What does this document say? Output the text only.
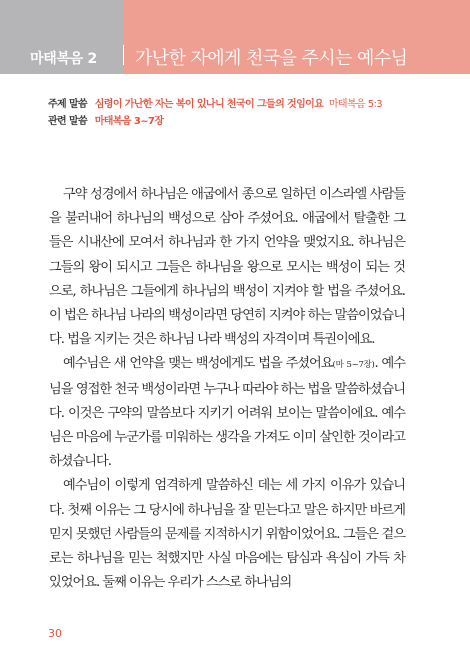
마태복음 2 가난한 자에게 천국을 주시는 예수님
주제 말씀 심령이 가난한 자는 복이 있나니 천국이 그들의 것임이요 마태복음 5:3
관련 말씀 마태복음 3~7장

구약 성경에서 하나님은 애굽에서 종으로 일하던 이스라엘 사람들을 불러내어 하나님의 백성으로 삼아 주셨어요. 애굽에서 탈출한 그들은 시내산에 모여서 하나님과 한 가지 언약을 맺었지요. 하나님은 그들의 왕이 되시고 그들은 하나님을 왕으로 모시는 백성이 되는 것으로, 하나님은 그들에게 하나님의 백성이 지켜야 할 법을 주셨어요. 이 법은 하나님 나라의 백성이라면 당연히 지켜야 하는 말씀이었습니다. 법을 지키는 것은 하나님 나라 백성의 자격이며 특권이에요.

예수님은 새 언약을 맺는 백성에게도 법을 주셨어요(마 5~7장). 예수님을 영접한 천국 백성이라면 누구나 따라야 하는 법을 말씀하셨습니다. 이것은 구약의 말씀보다 지키기 어려워 보이는 말씀이에요. 예수님은 마음에 누군가를 미워하는 생각을 가져도 이미 살인한 것이라고 하셨습니다.

예수님이 이렇게 엄격하게 말씀하신 데는 세 가지 이유가 있습니다. 첫째 이유는 그 당시에 하나님을 잘 믿는다고 말은 하지만 바르게 믿지 못했던 사람들의 문제를 지적하시기 위함이었어요. 그들은 겉으로는 하나님을 믿는 척했지만 사실 마음에는 탐심과 욕심이 가득 차 있었어요. 둘째 이유는 우리가 스스로 하나님의

30
